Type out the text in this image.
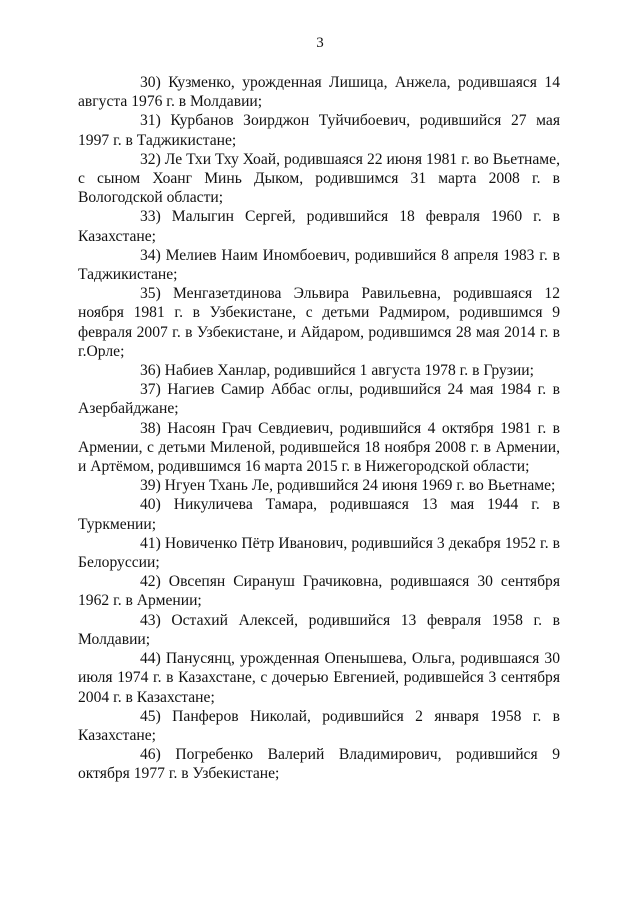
3

30) Кузменко, урожденная Лишица, Анжела, родившаяся 14 августа 1976 г. в Молдавии;

31) Курбанов Зоирджон Туйчибоевич, родившийся 27 мая 1997 г. в Таджикистане;

32) Ле Тхи Тху Хоай, родившаяся 22 июня 1981 г. во Вьетнаме, с сыном Хоанг Минь Дыком, родившимся 31 марта 2008 г. в Вологодской области;

33) Малыгин Сергей, родившийся 18 февраля 1960 г. в Казахстане;

34) Мелиев Наим Иномбоевич, родившийся 8 апреля 1983 г. в Таджикистане;

35) Менгазетдинова Эльвира Равильевна, родившаяся 12 ноября 1981 г. в Узбекистане, с детьми Радмиром, родившимся 9 февраля 2007 г. в Узбекистане, и Айдаром, родившимся 28 мая 2014 г. в г.Орле;

36) Набиев Ханлар, родившийся 1 августа 1978 г. в Грузии;

37) Нагиев Самир Аббас оглы, родившийся 24 мая 1984 г. в Азербайджане;

38) Насоян Грач Севдиевич, родившийся 4 октября 1981 г. в Армении, с детьми Миленой, родившейся 18 ноября 2008 г. в Армении, и Артёмом, родившимся 16 марта 2015 г. в Нижегородской области;

39) Нгуен Тхань Ле, родившийся 24 июня 1969 г. во Вьетнаме;

40) Никуличева Тамара, родившаяся 13 мая 1944 г. в Туркмении;

41) Новиченко Пётр Иванович, родившийся 3 декабря 1952 г. в Белоруссии;

42) Овсепян Сирануш Грачиковна, родившаяся 30 сентября 1962 г. в Армении;

43) Остахий Алексей, родившийся 13 февраля 1958 г. в Молдавии;

44) Панусянц, урожденная Опенышева, Ольга, родившаяся 30 июля 1974 г. в Казахстане, с дочерью Евгенией, родившейся 3 сентября 2004 г. в Казахстане;

45) Панферов Николай, родившийся 2 января 1958 г. в Казахстане;

46) Погребенко Валерий Владимирович, родившийся 9 октября 1977 г. в Узбекистане;
